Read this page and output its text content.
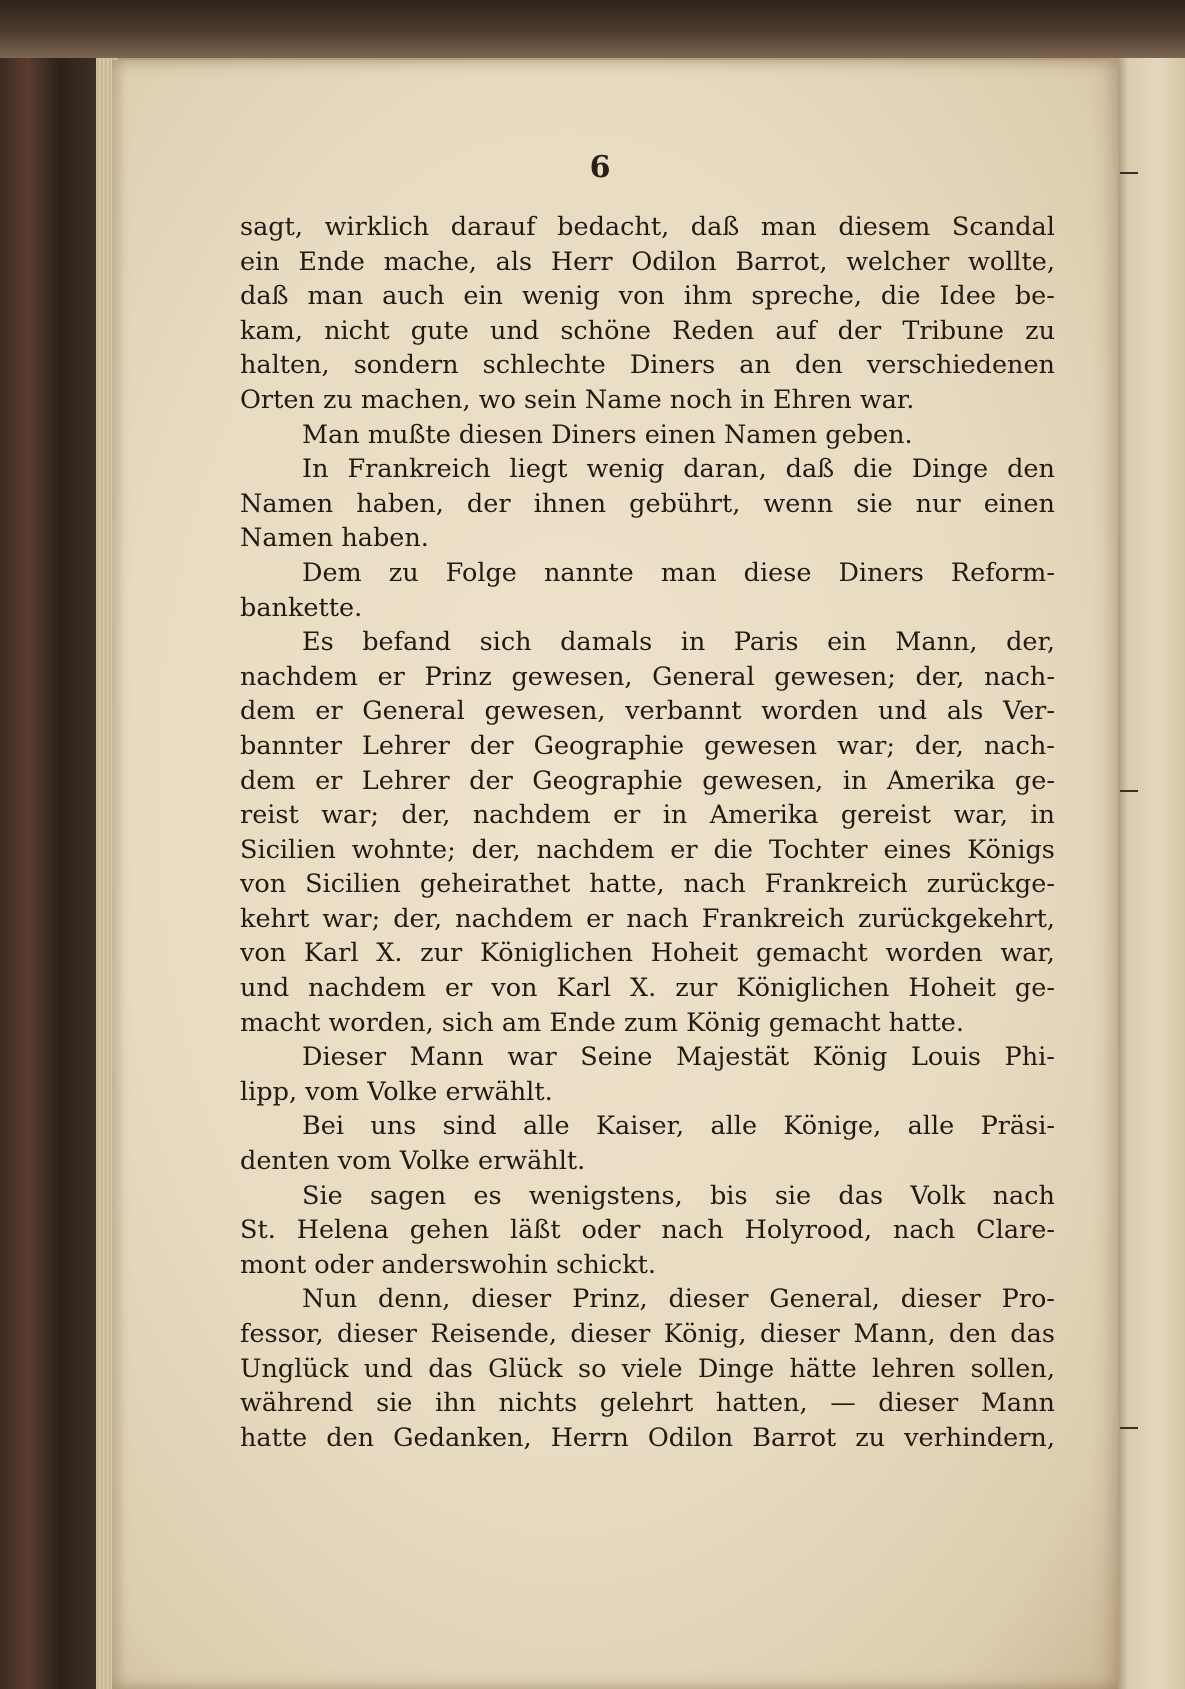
6
sagt, wirklich darauf bedacht, daß man diesem Scandal
ein Ende mache, als Herr Odilon Barrot, welcher wollte,
daß man auch ein wenig von ihm spreche, die Idee be-
kam, nicht gute und schöne Reden auf der Tribune zu
halten, sondern schlechte Diners an den verschiedenen
Orten zu machen, wo sein Name noch in Ehren war.
Man mußte diesen Diners einen Namen geben.
In Frankreich liegt wenig daran, daß die Dinge den
Namen haben, der ihnen gebührt, wenn sie nur einen
Namen haben.
Dem zu Folge nannte man diese Diners Reform-
bankette.
Es befand sich damals in Paris ein Mann, der,
nachdem er Prinz gewesen, General gewesen; der, nach-
dem er General gewesen, verbannt worden und als Ver-
bannter Lehrer der Geographie gewesen war; der, nach-
dem er Lehrer der Geographie gewesen, in Amerika ge-
reist war; der, nachdem er in Amerika gereist war, in
Sicilien wohnte; der, nachdem er die Tochter eines Königs
von Sicilien geheirathet hatte, nach Frankreich zurückge-
kehrt war; der, nachdem er nach Frankreich zurückgekehrt,
von Karl X. zur Königlichen Hoheit gemacht worden war,
und nachdem er von Karl X. zur Königlichen Hoheit ge-
macht worden, sich am Ende zum König gemacht hatte.
Dieser Mann war Seine Majestät König Louis Phi-
lipp, vom Volke erwählt.
Bei uns sind alle Kaiser, alle Könige, alle Präsi-
denten vom Volke erwählt.
Sie sagen es wenigstens, bis sie das Volk nach
St. Helena gehen läßt oder nach Holyrood, nach Clare-
mont oder anderswohin schickt.
Nun denn, dieser Prinz, dieser General, dieser Pro-
fessor, dieser Reisende, dieser König, dieser Mann, den das
Unglück und das Glück so viele Dinge hätte lehren sollen,
während sie ihn nichts gelehrt hatten, — dieser Mann
hatte den Gedanken, Herrn Odilon Barrot zu verhindern,
